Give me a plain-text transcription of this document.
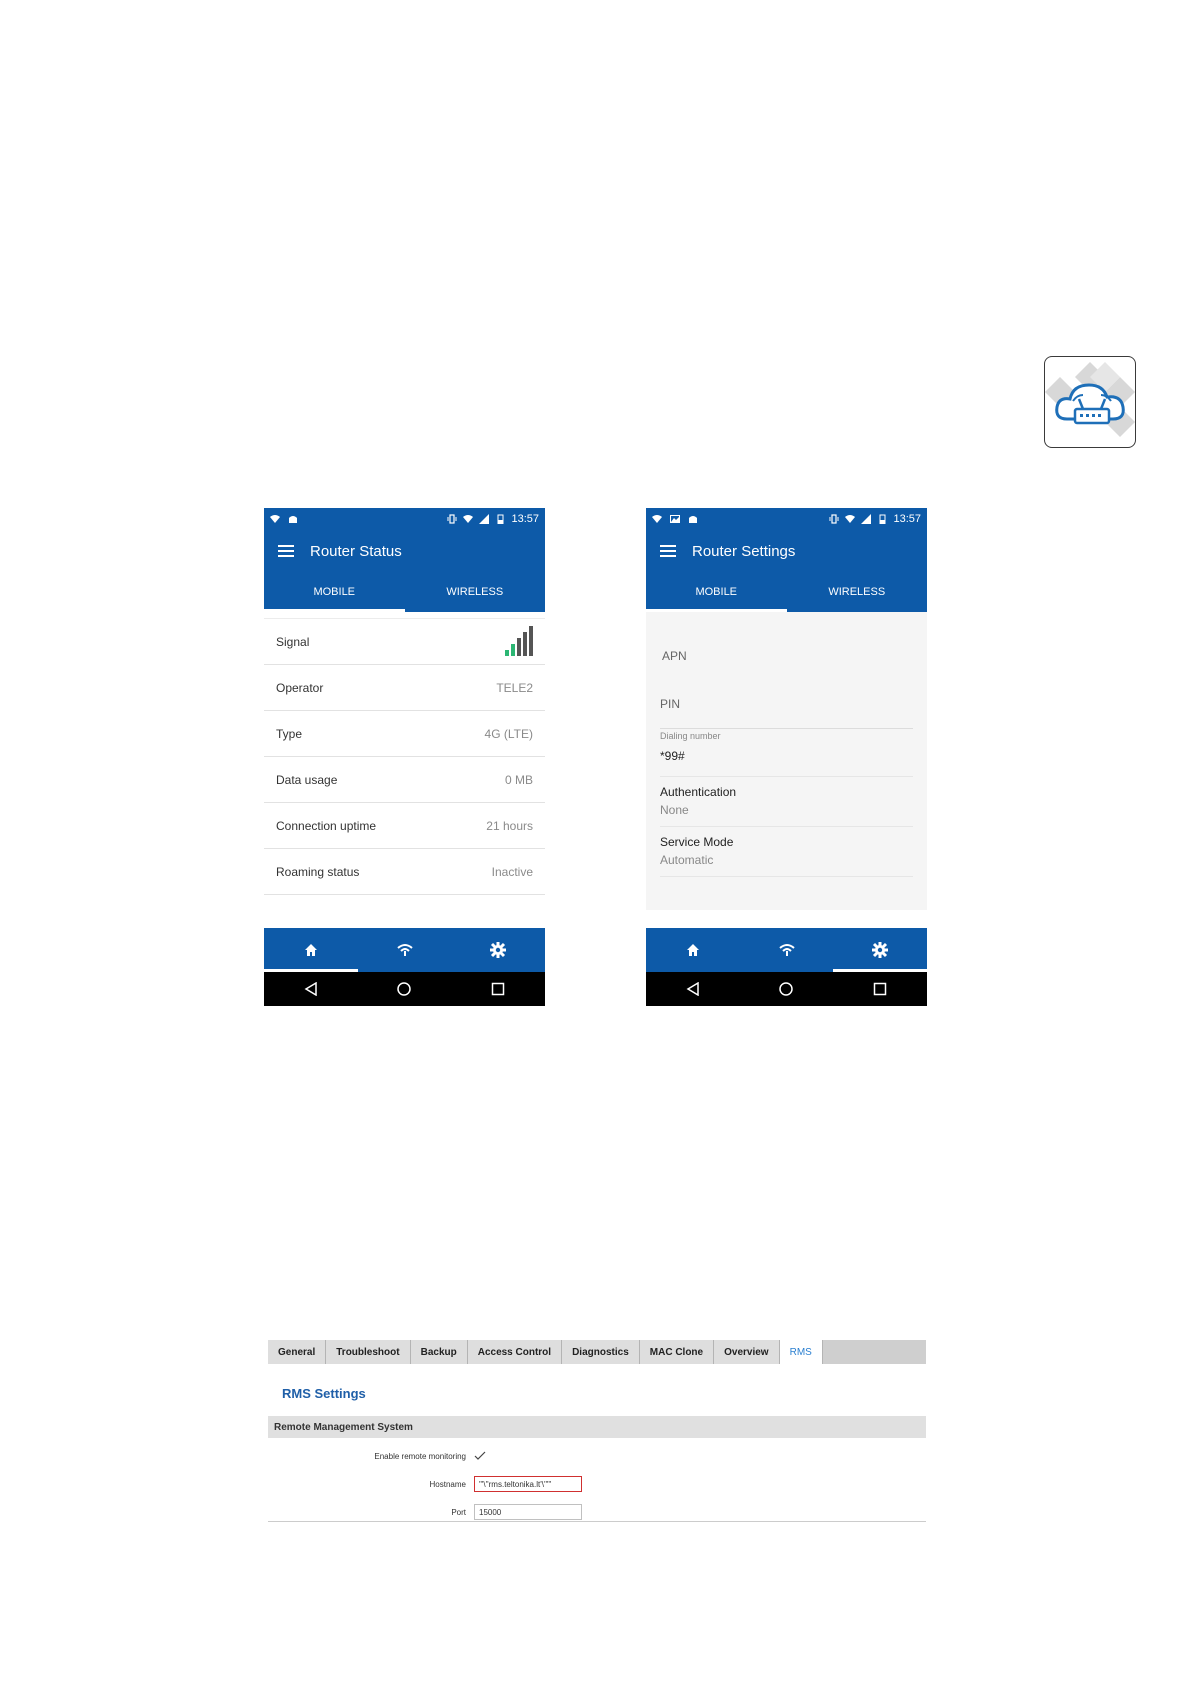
13:57
Router Status
MOBILE	WIRELESS
Signal
Operator	TELE2
Type	4G (LTE)
Data usage	0 MB
Connection uptime	21 hours
Roaming status	Inactive
13:57
Router Settings
MOBILE	WIRELESS
APN
PIN
Dialing number
*99#
Authentication
None
Service Mode
Automatic
General	Troubleshoot	Backup	Access Control	Diagnostics	MAC Clone	Overview	RMS
RMS Settings
Remote Management System
Enable remote monitoring
Hostname	'"\''rms.teltonika.lt'\''"'
Port	15000
